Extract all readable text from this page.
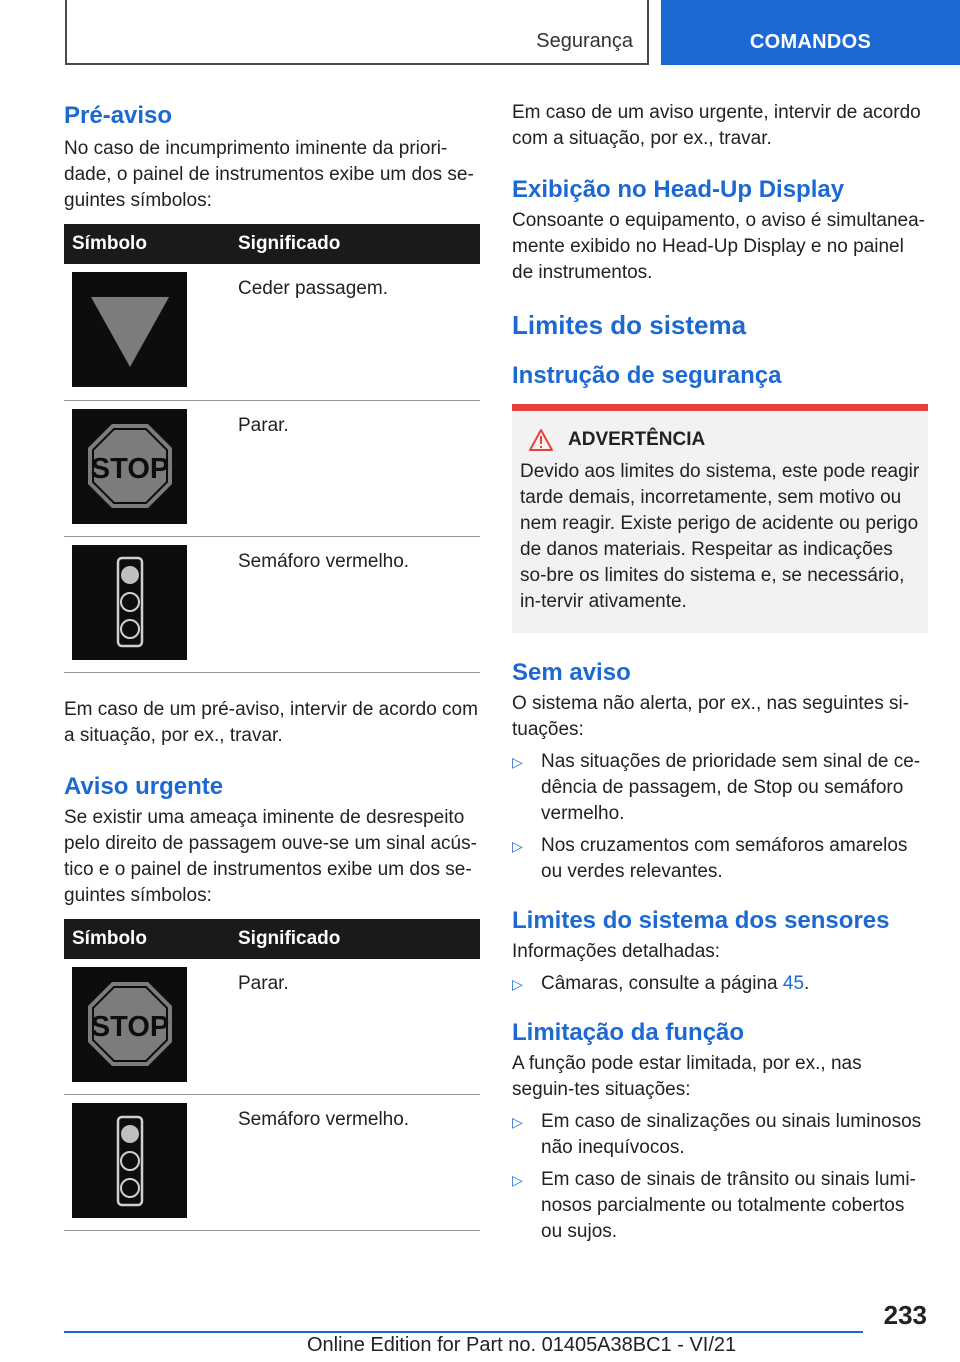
Segurança	COMANDOS
Pré-aviso

No caso de incumprimento iminente da priori-dade, o painel de instrumentos exibe um dos se-guintes símbolos:

Símbolo	Significado

	Ceder passagem.

STOP	Parar.

	Semáforo vermelho.

Em caso de um pré-aviso, intervir de acordo com a situação, por ex., travar.

Aviso urgente

Se existir uma ameaça iminente de desrespeito pelo direito de passagem ouve-se um sinal acús-tico e o painel de instrumentos exibe um dos se-guintes símbolos:

Símbolo	Significado

STOP	Parar.

	Semáforo vermelho.

Em caso de um aviso urgente, intervir de acordo com a situação, por ex., travar.

Exibição no Head-Up Display

Consoante o equipamento, o aviso é simultanea-mente exibido no Head-Up Display e no painel de instrumentos.

Limites do sistema
Instrução de segurança
ADVERTÊNCIA

Devido aos limites do sistema, este pode reagir tarde demais, incorretamente, sem motivo ou nem reagir. Existe perigo de acidente ou perigo de danos materiais. Respeitar as indicações so-bre os limites do sistema e, se necessário, in-tervir ativamente.

Sem aviso

O sistema não alerta, por ex., nas seguintes si-tuações:

▷ Nas situações de prioridade sem sinal de ce-dência de passagem, de Stop ou semáforo vermelho.
▷ Nos cruzamentos com semáforos amarelos ou verdes relevantes.
Limites do sistema dos sensores

Informações detalhadas:

▷ Câmaras, consulte a página 45.
Limitação da função

A função pode estar limitada, por ex., nas seguin-tes situações:

▷ Em caso de sinalizações ou sinais luminosos não inequívocos.
▷ Em caso de sinais de trânsito ou sinais lumi-nosos parcialmente ou totalmente cobertos ou sujos.
233
Online Edition for Part no. 01405A38BC1 - VI/21
